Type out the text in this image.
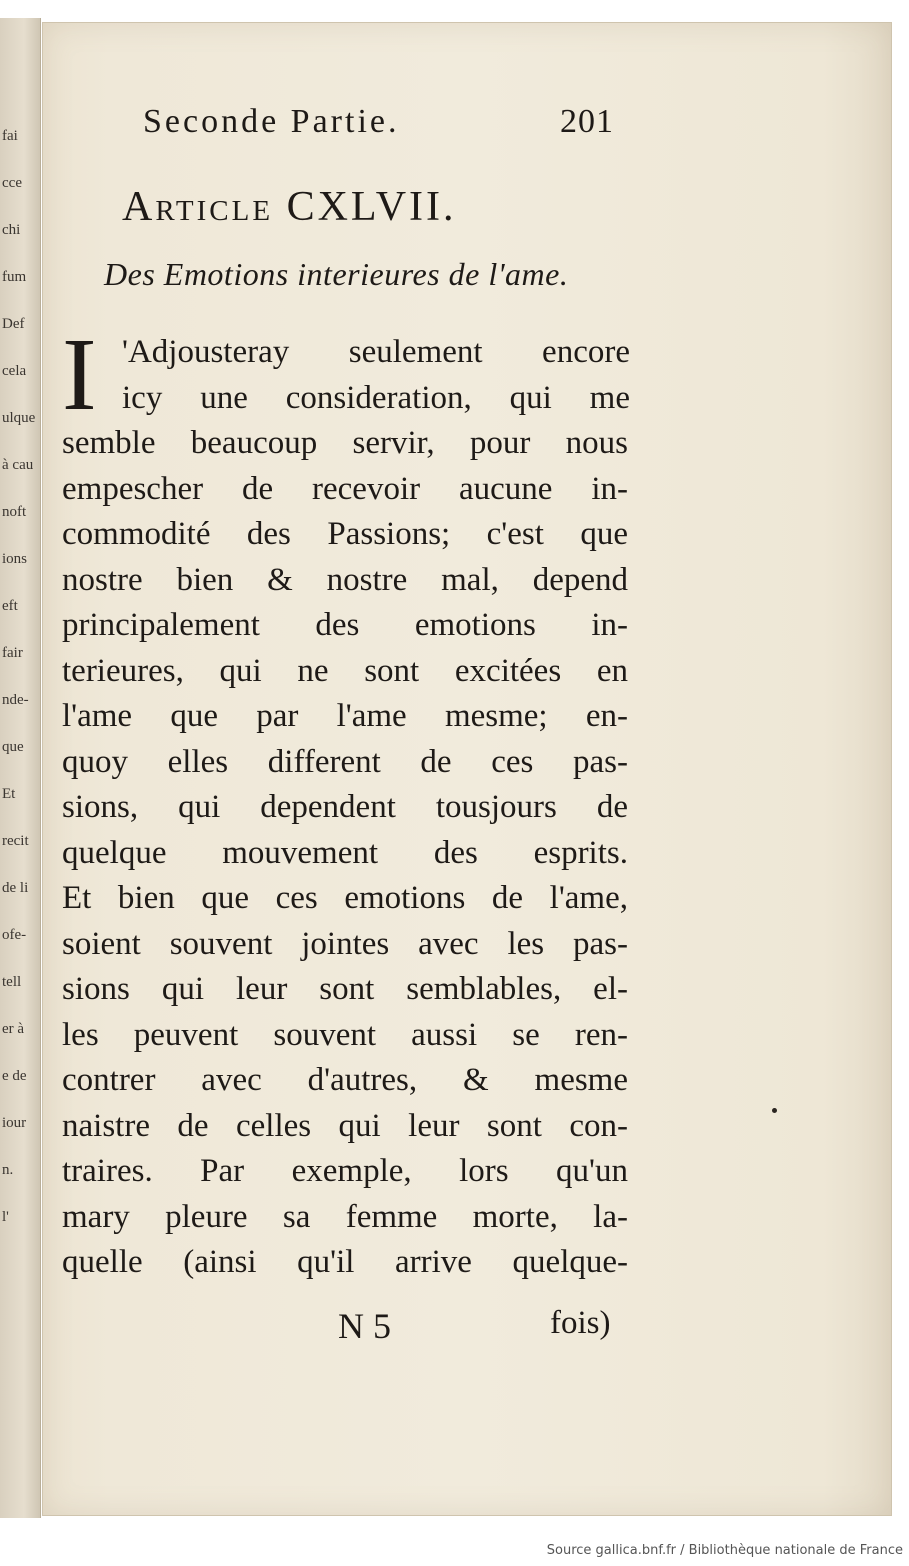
fai
cce
chi
fum
Def
cela
ulque
à cau
noft
ions
eft
fair
nde-
que
Et
recit
de li
ofe-
tell
er à
e de
iour
n.
l'
Seconde Partie.	201
Article CXLVII.
Des Emotions interieures de l'ame.
I 'Adjousteray seulement encore
icy une consideration, qui me
semble beaucoup servir, pour nous
empescher de recevoir aucune in-
commodité des Passions; c'est que
nostre bien & nostre mal, depend
principalement des emotions in-
terieures, qui ne sont excitées en
l'ame que par l'ame mesme; en-
quoy elles different de ces pas-
sions, qui dependent tousjours de
quelque mouvement des esprits.
Et bien que ces emotions de l'ame,
soient souvent jointes avec les pas-
sions qui leur sont semblables, el-
les peuvent souvent aussi se ren-
contrer avec d'autres, & mesme
naistre de celles qui leur sont con-
traires. Par exemple, lors qu'un
mary pleure sa femme morte, la-
quelle (ainsi qu'il arrive quelque-
N 5	fois)
Source gallica.bnf.fr / Bibliothèque nationale de France
